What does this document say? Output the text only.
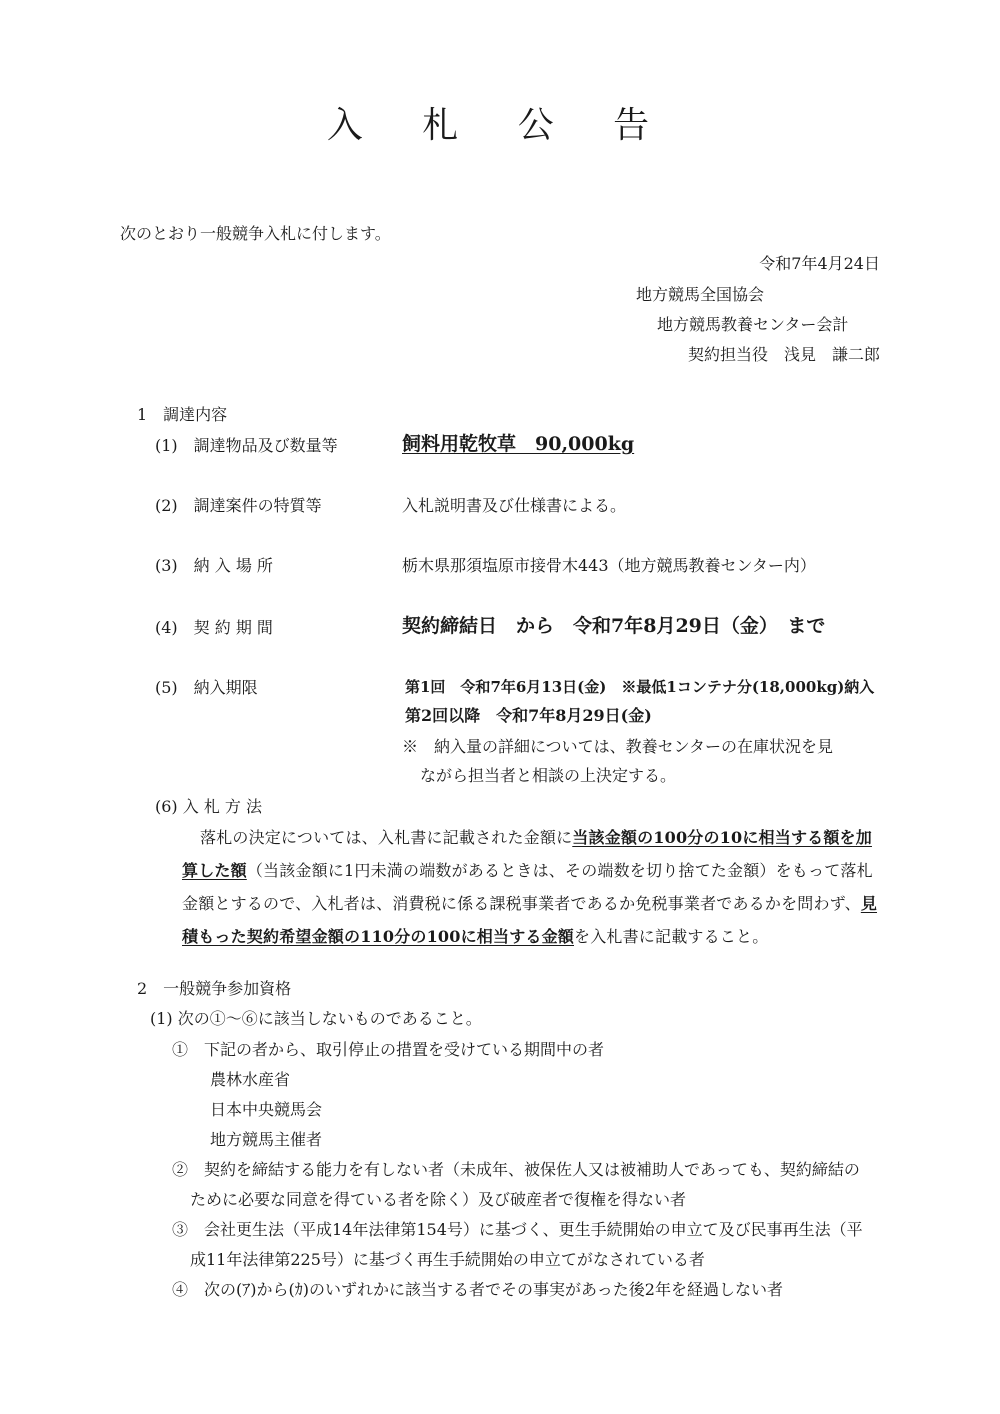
入 札 公 告
次のとおり一般競争入札に付します。
令和7年4月24日
地方競馬全国協会
地方競馬教養センター会計
契約担当役　浅見　謙二郎
1　調達内容
(1)　調達物品及び数量等	飼料用乾牧草　90,000kg
(2)　調達案件の特質等	入札説明書及び仕様書による。
(3)　納 入 場 所	栃木県那須塩原市接骨木443（地方競馬教養センター内）
(4)　契 約 期 間	契約締結日　から　令和7年8月29日（金）　まで
(5)　納入期限	第1回　令和7年6月13日(金)　※最低1コンテナ分(18,000kg)納入
第2回以降　令和7年8月29日(金)
※　納入量の詳細については、教養センターの在庫状況を見
ながら担当者と相談の上決定する。
(6) 入 札 方 法
落札の決定については、入札書に記載された金額に当該金額の100分の10に相当する額を加算した額（当該金額に1円未満の端数があるときは、その端数を切り捨てた金額）をもって落札金額とするので、入札者は、消費税に係る課税事業者であるか免税事業者であるかを問わず、見積もった契約希望金額の110分の100に相当する金額を入札書に記載すること。
2　一般競争参加資格
(1) 次の①～⑥に該当しないものであること。
①　下記の者から、取引停止の措置を受けている期間中の者
農林水産省
日本中央競馬会
地方競馬主催者
②　契約を締結する能力を有しない者（未成年、被保佐人又は被補助人であっても、契約締結の
ために必要な同意を得ている者を除く）及び破産者で復権を得ない者
③　会社更生法（平成14年法律第154号）に基づく、更生手続開始の申立て及び民事再生法（平
成11年法律第225号）に基づく再生手続開始の申立てがなされている者
④　次の(ｱ)から(ｶ)のいずれかに該当する者でその事実があった後2年を経過しない者
